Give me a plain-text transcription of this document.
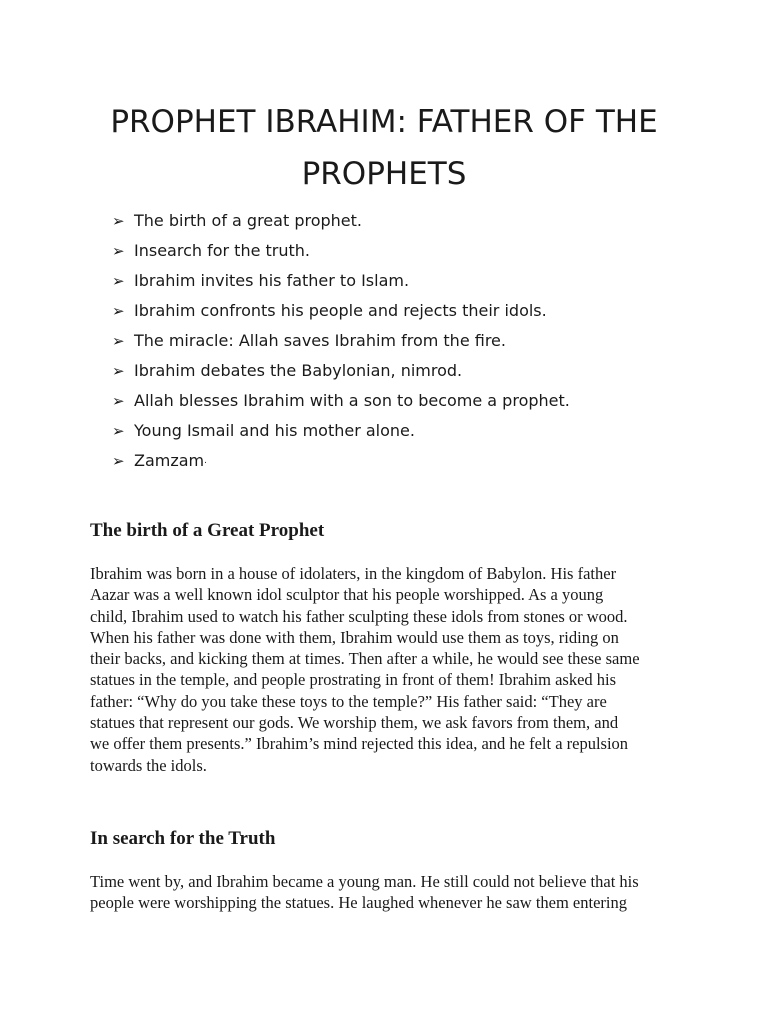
PROPHET IBRAHIM: FATHER OF THE
PROPHETS
➢ The birth of a great prophet.
➢ Insearch for the truth.
➢ Ibrahim invites his father to Islam.
➢ Ibrahim confronts his people and rejects their idols.
➢ The miracle: Allah saves Ibrahim from the fire.
➢ Ibrahim debates the Babylonian, nimrod.
➢ Allah blesses Ibrahim with a son to become a prophet.
➢ Young Ismail and his mother alone.
➢ Zamzam .
The birth of a Great Prophet

Ibrahim was born in a house of idolaters, in the kingdom of Babylon. His father
Aazar was a well known idol sculptor that his people worshipped. As a young
child, Ibrahim used to watch his father sculpting these idols from stones or wood.
When his father was done with them, Ibrahim would use them as toys, riding on
their backs, and kicking them at times. Then after a while, he would see these same
statues in the temple, and people prostrating in front of them! Ibrahim asked his
father: “Why do you take these toys to the temple?” His father said: “They are
statues that represent our gods. We worship them, we ask favors from them, and
we offer them presents.” Ibrahim’s mind rejected this idea, and he felt a repulsion
towards the idols.

In search for the Truth

Time went by, and Ibrahim became a young man. He still could not believe that his
people were worshipping the statues. He laughed whenever he saw them entering
